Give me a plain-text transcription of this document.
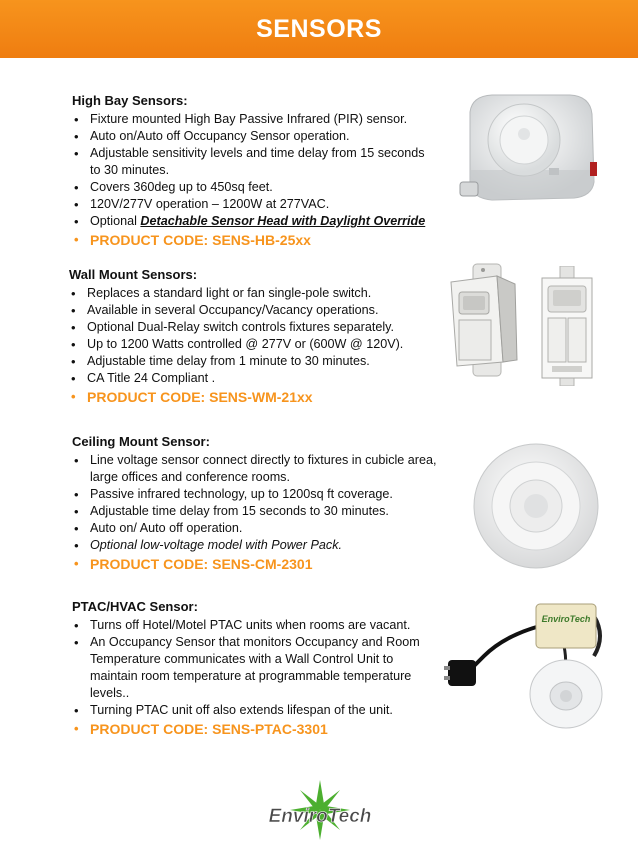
SENSORS
High Bay Sensors:
• Fixture mounted High Bay Passive Infrared (PIR) sensor.
• Auto on/Auto off Occupancy Sensor operation.
• Adjustable sensitivity levels and time delay from 15 seconds to 30 minutes.
• Covers 360deg up to 450sq feet.
• 120V/277V operation – 1200W at 277VAC.
• Optional Detachable Sensor Head with Daylight Override
• PRODUCT CODE: SENS-HB-25xx
Wall Mount Sensors:
• Replaces a standard light or fan single-pole switch.
• Available in several Occupancy/Vacancy operations.
• Optional Dual-Relay switch controls fixtures separately.
• Up to 1200 Watts controlled @ 277V or (600W @ 120V).
• Adjustable time delay from 1 minute to 30 minutes.
• CA Title 24 Compliant .
• PRODUCT CODE: SENS-WM-21xx
Ceiling Mount Sensor:
• Line voltage sensor connect directly to fixtures in cubicle area, large offices and conference rooms.
• Passive infrared technology, up to 1200sq ft coverage.
• Adjustable time delay from 15 seconds to 30 minutes.
• Auto on/ Auto off operation.
• Optional low-voltage model with Power Pack.
• PRODUCT CODE: SENS-CM-2301
PTAC/HVAC Sensor:
• Turns off Hotel/Motel PTAC units when rooms are vacant.
• An Occupancy Sensor that monitors Occupancy and Room Temperature communicates with a Wall Control Unit to maintain room temperature at programmable temperature levels..
• Turning PTAC unit off also extends lifespan of the unit.
• PRODUCT CODE: SENS-PTAC-3301
EnviroTech
EnviroTech
